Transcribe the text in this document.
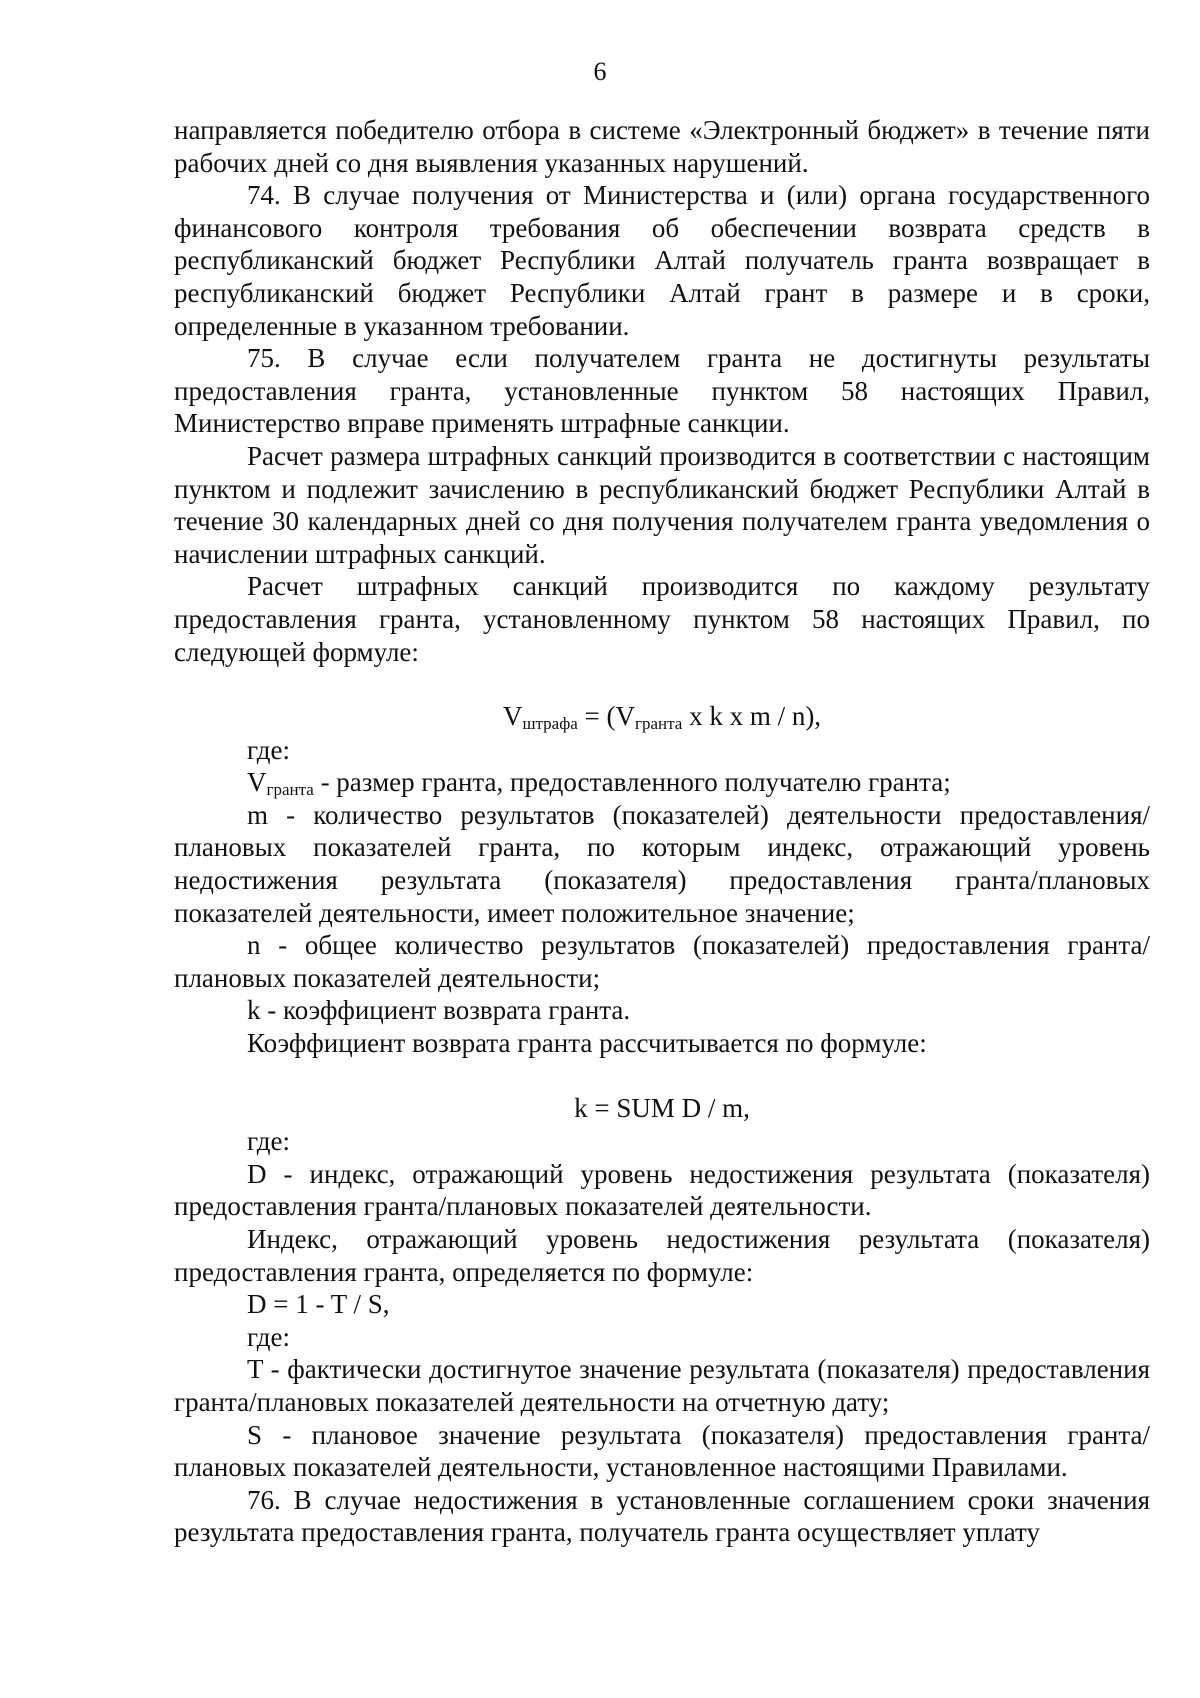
6

направляется победителю отбора в системе «Электронный бюджет» в течение пяти рабочих дней со дня выявления указанных нарушений.

74. В случае получения от Министерства и (или) органа государственного финансового контроля требования об обеспечении возврата средств в республиканский бюджет Республики Алтай получатель гранта возвращает в республиканский бюджет Республики Алтай грант в размере и в сроки, определенные в указанном требовании.

75. В случае если получателем гранта не достигнуты результаты предоставления гранта, установленные пунктом 58 настоящих Правил, Министерство вправе применять штрафные санкции.

Расчет размера штрафных санкций производится в соответствии с настоящим пунктом и подлежит зачислению в республиканский бюджет Республики Алтай в течение 30 календарных дней со дня получения получателем гранта уведомления о начислении штрафных санкций.

Расчет штрафных санкций производится по каждому результату предоставления гранта, установленному пунктом 58 настоящих Правил, по следующей формуле:

$V_{штрафа} = (V_{гранта}$ x k x m / n),

где:

$V_{гранта}$ - размер гранта, предоставленного получателю гранта;

m - количество результатов (показателей) деятельности предоставления/плановых показателей гранта, по которым индекс, отражающий уровень недостижения результата (показателя) предоставления гранта/плановых показателей деятельности, имеет положительное значение;

n - общее количество результатов (показателей) предоставления гранта/плановых показателей деятельности;

k - коэффициент возврата гранта.

Коэффициент возврата гранта рассчитывается по формуле:

k = SUM D / m,

где:

D - индекс, отражающий уровень недостижения результата (показателя) предоставления гранта/плановых показателей деятельности.

Индекс, отражающий уровень недостижения результата (показателя) предоставления гранта, определяется по формуле:

D = 1 - T / S,

где:

T - фактически достигнутое значение результата (показателя) предоставления гранта/плановых показателей деятельности на отчетную дату;

S - плановое значение результата (показателя) предоставления гранта/плановых показателей деятельности, установленное настоящими Правилами.

76. В случае недостижения в установленные соглашением сроки значения результата предоставления гранта, получатель гранта осуществляет уплату
